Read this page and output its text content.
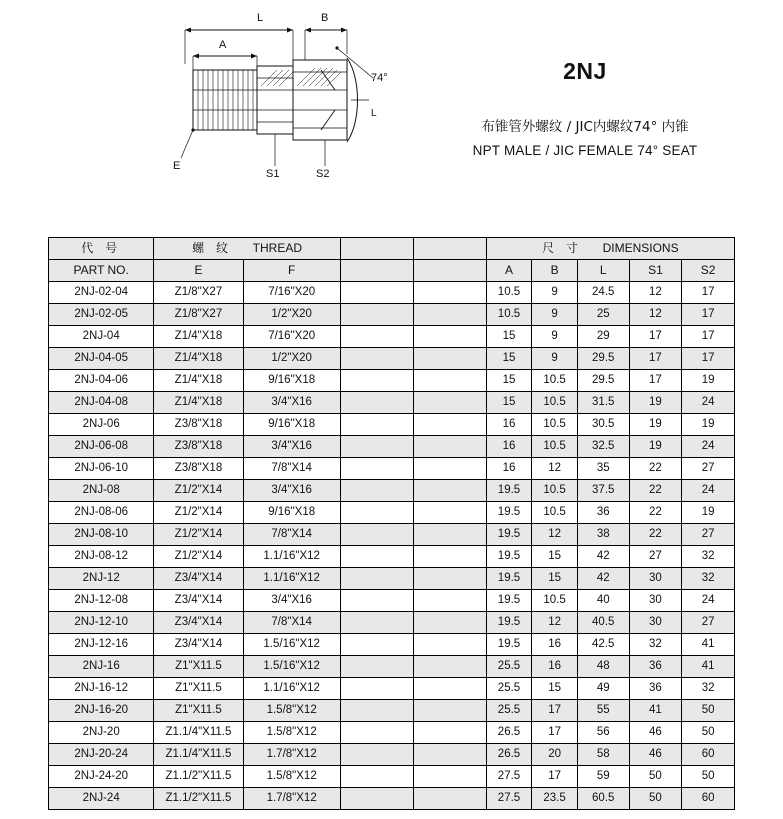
L	B
A
E
S1	S2
L
74°	2NJ
布锥管外螺纹 / JIC内螺纹74° 内锥
NPT MALE / JIC FEMALE 74° SEAT
代 号	螺 纹 THREAD				尺 寸 DIMENSIONS				
PART NO.	E	F			A	B	L	S1	S2
2NJ-02-04	Z1/8"X27	7/16"X20			10.5	9	24.5	12	17
2NJ-02-05	Z1/8"X27	1/2"X20			10.5	9	25	12	17
2NJ-04	Z1/4"X18	7/16"X20			15	9	29	17	17
2NJ-04-05	Z1/4"X18	1/2"X20			15	9	29.5	17	17
2NJ-04-06	Z1/4"X18	9/16"X18			15	10.5	29.5	17	19
2NJ-04-08	Z1/4"X18	3/4"X16			15	10.5	31.5	19	24
2NJ-06	Z3/8"X18	9/16"X18			16	10.5	30.5	19	19
2NJ-06-08	Z3/8"X18	3/4"X16			16	10.5	32.5	19	24
2NJ-06-10	Z3/8"X18	7/8"X14			16	12	35	22	27
2NJ-08	Z1/2"X14	3/4"X16			19.5	10.5	37.5	22	24
2NJ-08-06	Z1/2"X14	9/16"X18			19.5	10.5	36	22	19
2NJ-08-10	Z1/2"X14	7/8"X14			19.5	12	38	22	27
2NJ-08-12	Z1/2"X14	1.1/16"X12			19.5	15	42	27	32
2NJ-12	Z3/4"X14	1.1/16"X12			19.5	15	42	30	32
2NJ-12-08	Z3/4"X14	3/4"X16			19.5	10.5	40	30	24
2NJ-12-10	Z3/4"X14	7/8"X14			19.5	12	40.5	30	27
2NJ-12-16	Z3/4"X14	1.5/16"X12			19.5	16	42.5	32	41
2NJ-16	Z1"X11.5	1.5/16"X12			25.5	16	48	36	41
2NJ-16-12	Z1"X11.5	1.1/16"X12			25.5	15	49	36	32
2NJ-16-20	Z1"X11.5	1.5/8"X12			25.5	17	55	41	50
2NJ-20	Z1.1/4"X11.5	1.5/8"X12			26.5	17	56	46	50
2NJ-20-24	Z1.1/4"X11.5	1.7/8"X12			26.5	20	58	46	60
2NJ-24-20	Z1.1/2"X11.5	1.5/8"X12			27.5	17	59	50	50
2NJ-24	Z1.1/2"X11.5	1.7/8"X12			27.5	23.5	60.5	50	60
